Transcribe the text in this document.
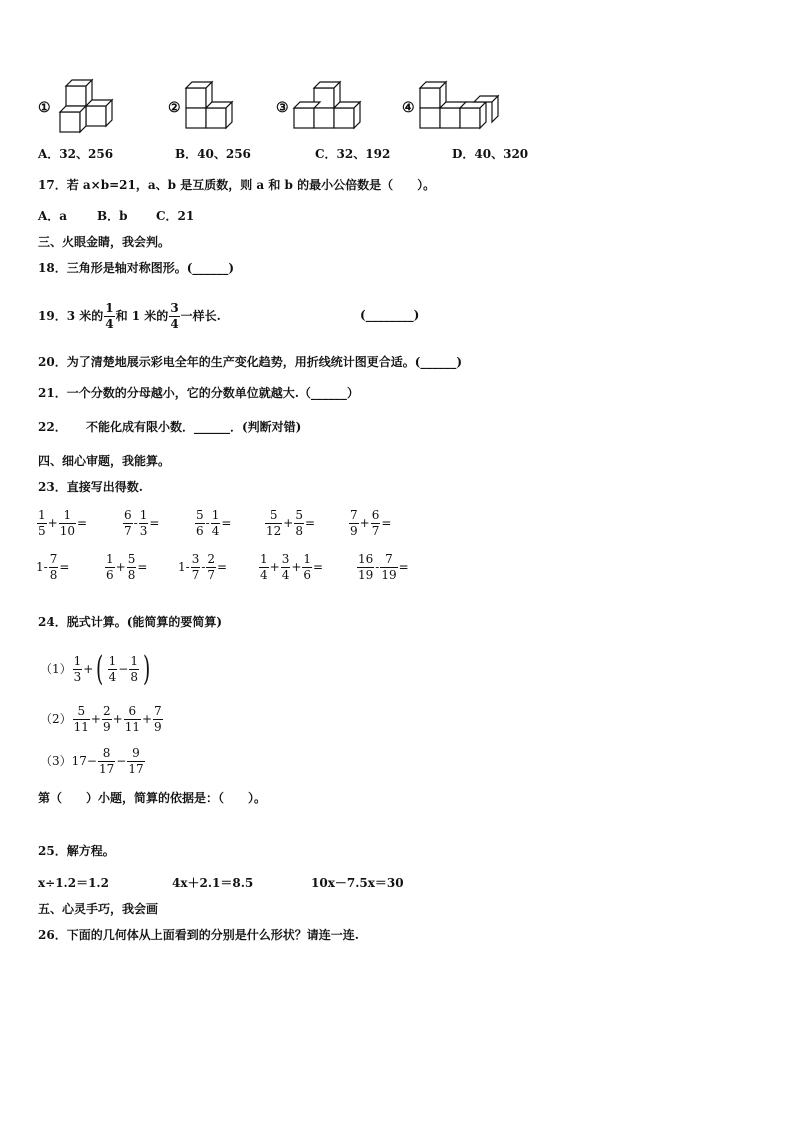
①	②	③	④
A．32、256	B．40、256	C．32、192	D．40、320
17．若 a×b=21，a、b 是互质数，则 a 和 b 的最小公倍数是（　　）。
A．a B．b C．21
三、火眼金睛，我会判。
18．三角形是轴对称图形。(______)
19．3 米的 $\frac{1}{4}$ 和 1 米的 $\frac{3}{4}$ 一样长.	(________)
20．为了清楚地展示彩电全年的生产变化趋势，用折线统计图更合适。(______)
21．一个分数的分母越小，它的分数单位就越大.（______）
22． 不能化成有限小数．______．(判断对错)
四、细心审题，我能算。
23．直接写出得数.
$\frac{1}{5} + \frac{1}{10}$ =	$\frac{6}{7} - \frac{1}{3}$ =	$\frac{5}{6} - \frac{1}{4}$ =	$\frac{5}{12} + \frac{5}{8}$ =	$\frac{7}{9} + \frac{6}{7}$ =
$1- \frac{7}{8}$ =	$\frac{1}{6} + \frac{5}{8}$ =	$1- \frac{3}{7} - \frac{2}{7}$ =	$\frac{1}{4} + \frac{3}{4} + \frac{1}{6}$ =	$\frac{16}{19} - \frac{7}{19}$ =
24．脱式计算。(能简算的要简算)
$(1) \frac{1}{3}$ + ( $\frac{1}{4} - \frac{1}{8}$ )
$(2) \frac{5}{11} + \frac{2}{9} + \frac{6}{11} + \frac{7}{9}$
（3） $17- \frac{8}{17} - \frac{9}{17}$
第（　　）小题，简算的依据是：（　　）。
25．解方程。
x÷1.2＝1.2	4x＋2.1＝8.5	10x－7.5x＝30
五、心灵手巧，我会画
26．下面的几何体从上面看到的分别是什么形状？请连一连.
